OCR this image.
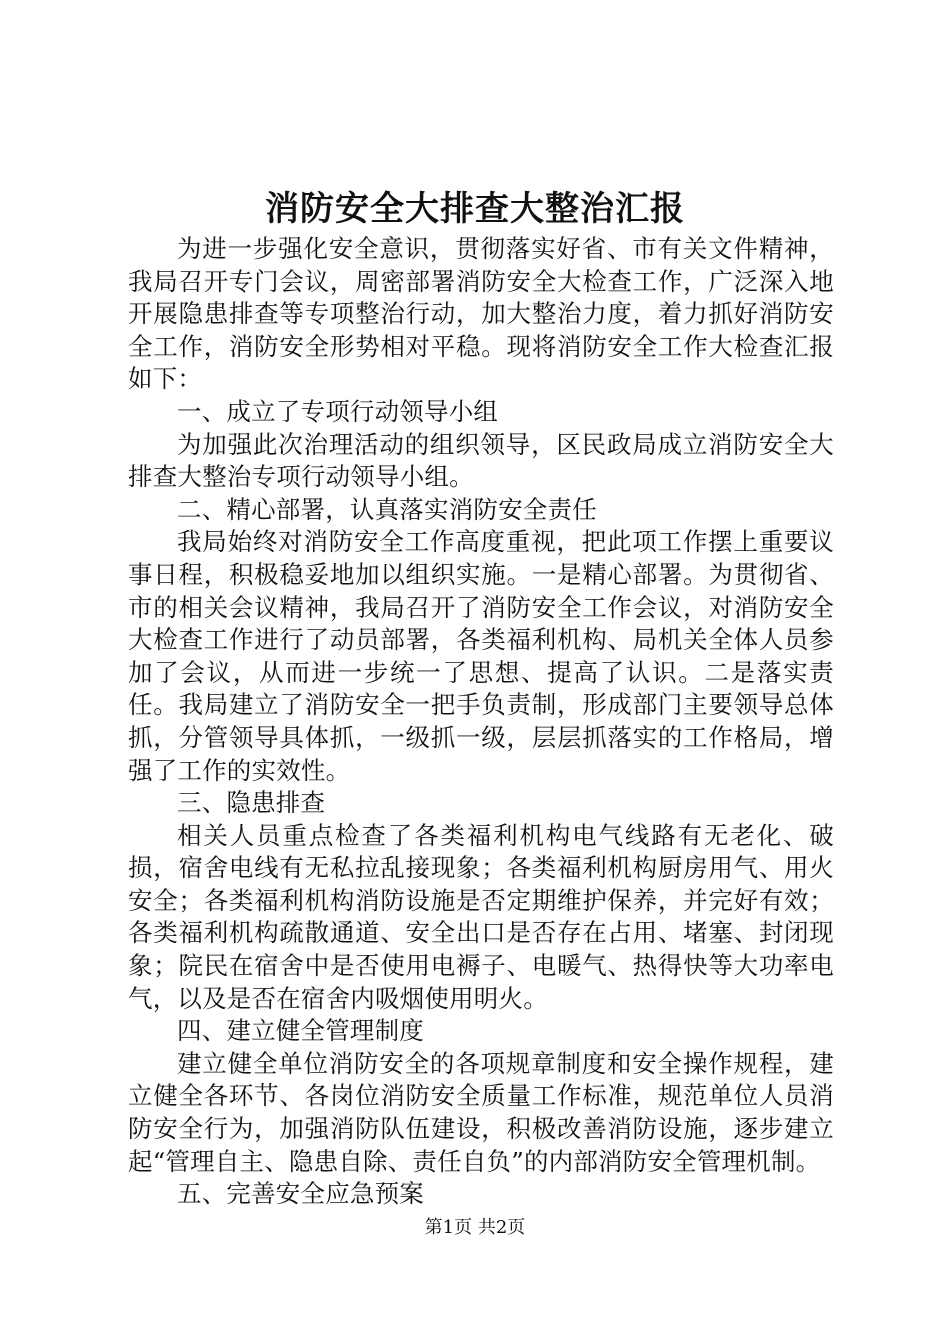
消防安全大排查大整治汇报

为进一步强化安全意识，贯彻落实好省、市有关文件精神，我局召开专门会议，周密部署消防安全大检查工作，广泛深入地开展隐患排查等专项整治行动，加大整治力度，着力抓好消防安全工作，消防安全形势相对平稳。现将消防安全工作大检查汇报如下：

一、成立了专项行动领导小组

为加强此次治理活动的组织领导，区民政局成立消防安全大排查大整治专项行动领导小组。

二、精心部署，认真落实消防安全责任

我局始终对消防安全工作高度重视，把此项工作摆上重要议事日程，积极稳妥地加以组织实施。一是精心部署。为贯彻省、市的相关会议精神，我局召开了消防安全工作会议，对消防安全大检查工作进行了动员部署，各类福利机构、局机关全体人员参加了会议，从而进一步统一了思想、提高了认识。二是落实责任。我局建立了消防安全一把手负责制，形成部门主要领导总体抓，分管领导具体抓，一级抓一级，层层抓落实的工作格局，增强了工作的实效性。

三、隐患排查

相关人员重点检查了各类福利机构电气线路有无老化、破损，宿舍电线有无私拉乱接现象；各类福利机构厨房用气、用火安全；各类福利机构消防设施是否定期维护保养，并完好有效；各类福利机构疏散通道、安全出口是否存在占用、堵塞、封闭现象；院民在宿舍中是否使用电褥子、电暖气、热得快等大功率电气，以及是否在宿舍内吸烟使用明火。

四、建立健全管理制度

建立健全单位消防安全的各项规章制度和安全操作规程，建立健全各环节、各岗位消防安全质量工作标准，规范单位人员消防安全行为，加强消防队伍建设，积极改善消防设施，逐步建立起“管理自主、隐患自除、责任自负”的内部消防安全管理机制。

五、完善安全应急预案

第1页 共2页
